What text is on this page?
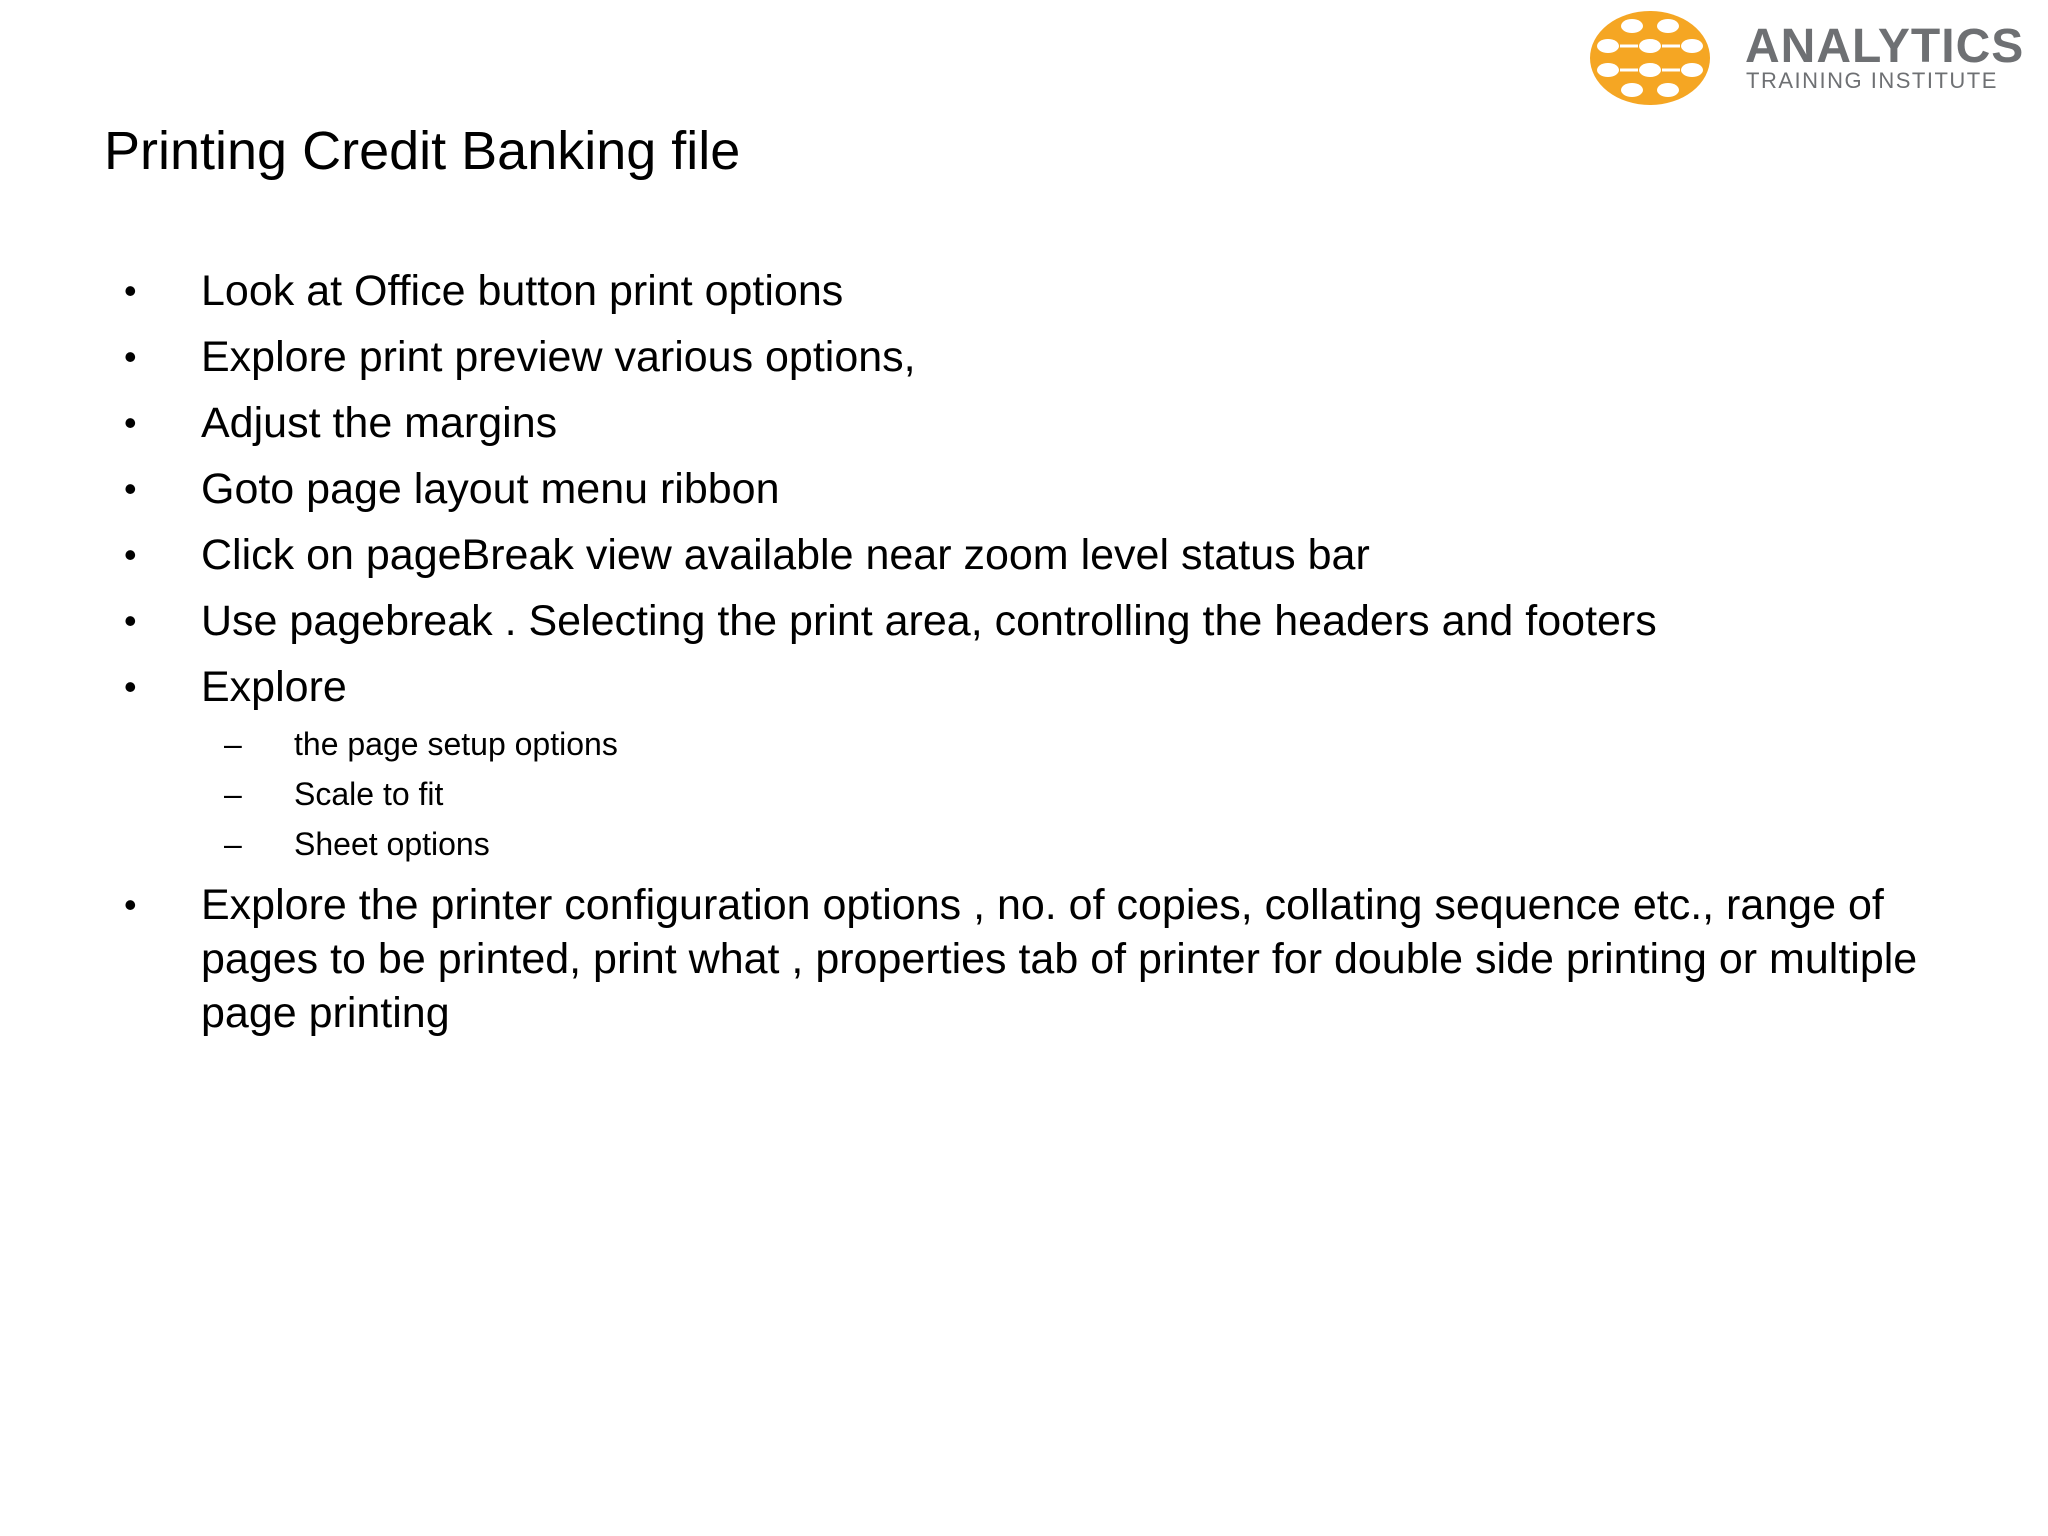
ANALYTICS
TRAINING INSTITUTE
Printing Credit Banking file
•	Look at Office button print options
•	Explore print preview various options,
•	Adjust the margins
•	Goto page layout menu ribbon
•	Click on pageBreak view available near zoom level status bar
•	Use pagebreak . Selecting the print area, controlling the headers and footers
•	Explore
–	the page setup options
–	Scale to fit
–	Sheet options
•	Explore the printer configuration options , no. of copies, collating sequence etc., range of pages to be printed, print what , properties tab of printer for double side printing or multiple page printing
